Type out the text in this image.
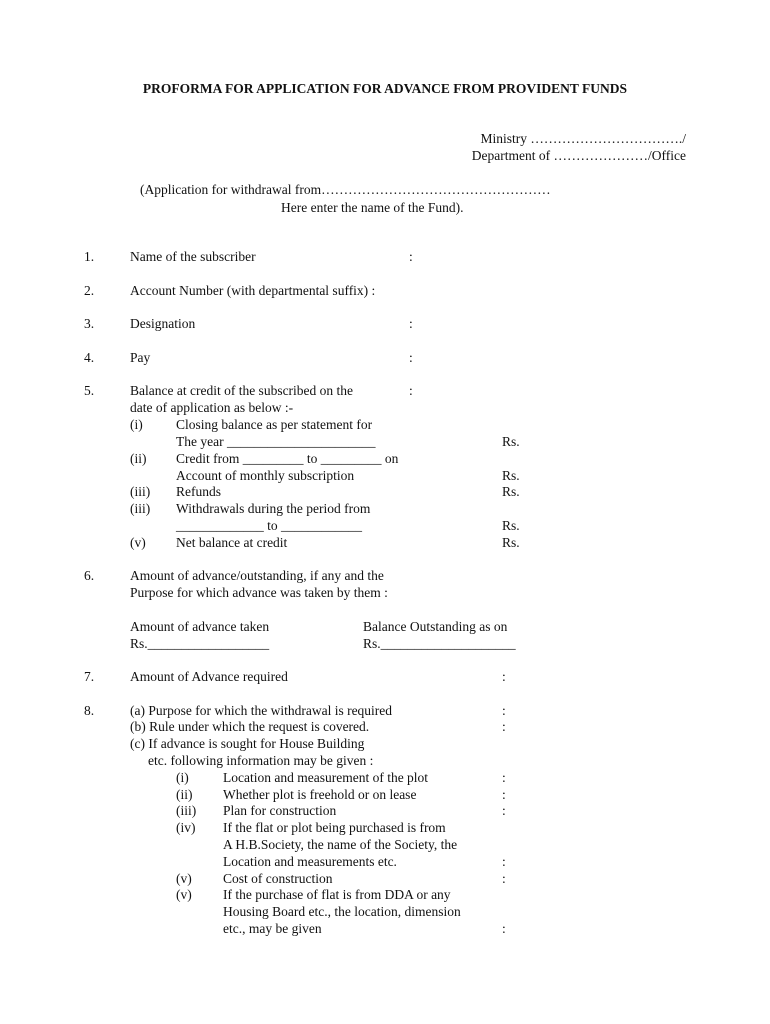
PROFORMA FOR APPLICATION FOR ADVANCE FROM PROVIDENT FUNDS
Ministry ……………………………./
Department of …………………/Office
(Application for withdrawal from……………………………………………
Here enter the name of the Fund).
1.	Name of the subscriber	:
2.	Account Number (with departmental suffix) :
3.	Designation	:
4.	Pay	:
5.	Balance at credit of the subscribed on the	:
date of application as below :-
(i) Closing balance as per statement for
The year ______________________	Rs.
(ii) Credit from _________ to _________ on
Account of monthly subscription	Rs.
(iii) Refunds	Rs.
(iii) Withdrawals during the period from
_____________ to ____________	Rs.
(v) Net balance at credit	Rs.
6.	Amount of advance/outstanding, if any and the
Purpose for which advance was taken by them :
Amount of advance taken
Rs.__________________
Balance Outstanding as on
Rs.____________________
7.	Amount of Advance required	:
8.	(a) Purpose for which the withdrawal is required	:
(b) Rule under which the request is covered.	:
(c) If advance is sought for House Building
etc. following information may be given :
(i)	Location and measurement of the plot	:
(ii) Whether plot is freehold or on lease	:
(iii) Plan for construction	:
(iv) If the flat or plot being purchased is from
A H.B.Society, the name of the Society, the
Location and measurements etc.	:
(v) Cost of construction	:
(v) If the purchase of flat is from DDA or any
Housing Board etc., the location, dimension
etc., may be given	:
